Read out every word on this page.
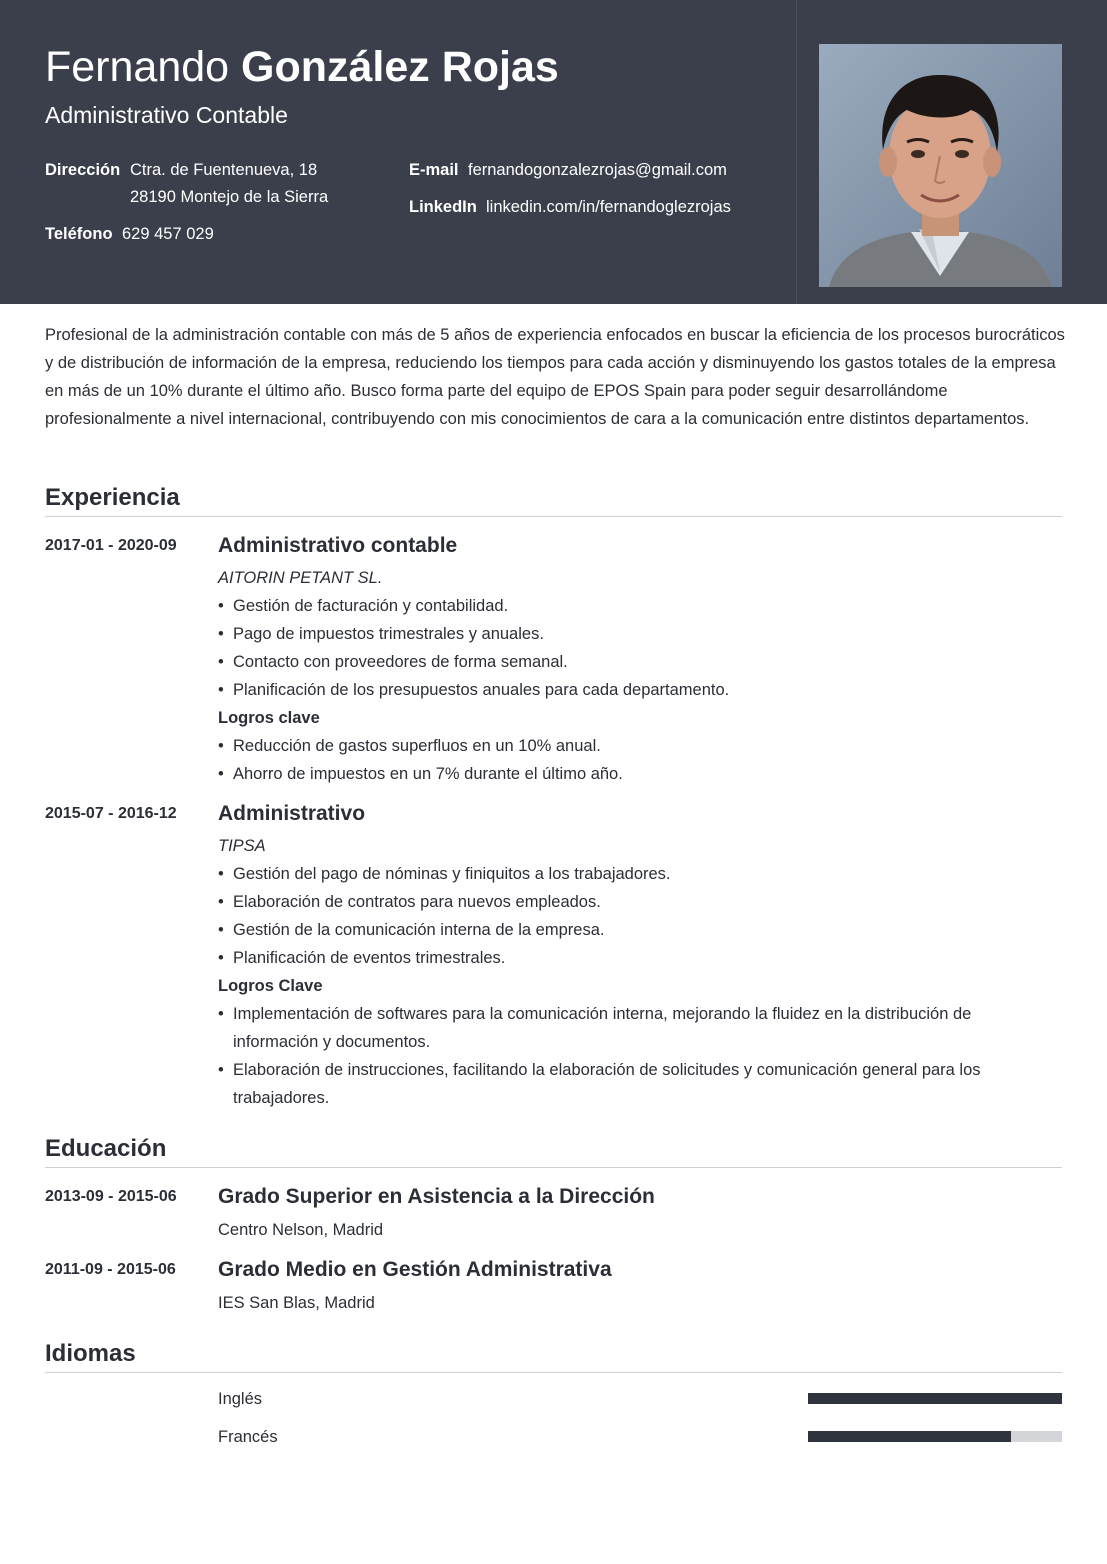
Fernando González Rojas
Administrativo Contable
Dirección Ctra. de Fuentenueva, 18
28190 Montejo de la Sierra
Teléfono 629 457 029
E-mail fernandogonzalezrojas@gmail.com
LinkedIn linkedin.com/in/fernandoglezrojas
Profesional de la administración contable con más de 5 años de experiencia enfocados en buscar la eficiencia de los procesos burocráticos y de distribución de información de la empresa, reduciendo los tiempos para cada acción y disminuyendo los gastos totales de la empresa en más de un 10% durante el último año. Busco forma parte del equipo de EPOS Spain para poder seguir desarrollándome profesionalmente a nivel internacional, contribuyendo con mis conocimientos de cara a la comunicación entre distintos departamentos.
Experiencia
2017-01 - 2020-09 Administrativo contable
AITORIN PETANT SL.
• Gestión de facturación y contabilidad.
• Pago de impuestos trimestrales y anuales.
• Contacto con proveedores de forma semanal.
• Planificación de los presupuestos anuales para cada departamento.
Logros clave
• Reducción de gastos superfluos en un 10% anual.
• Ahorro de impuestos en un 7% durante el último año.
2015-07 - 2016-12 Administrativo
TIPSA
• Gestión del pago de nóminas y finiquitos a los trabajadores.
• Elaboración de contratos para nuevos empleados.
• Gestión de la comunicación interna de la empresa.
• Planificación de eventos trimestrales.
Logros Clave
• Implementación de softwares para la comunicación interna, mejorando la fluidez en la distribución de información y documentos.
• Elaboración de instrucciones, facilitando la elaboración de solicitudes y comunicación general para los trabajadores.
Educación
2013-09 - 2015-06 Grado Superior en Asistencia a la Dirección
Centro Nelson, Madrid
2011-09 - 2015-06 Grado Medio en Gestión Administrativa
IES San Blas, Madrid
Idiomas
Inglés
Francés
